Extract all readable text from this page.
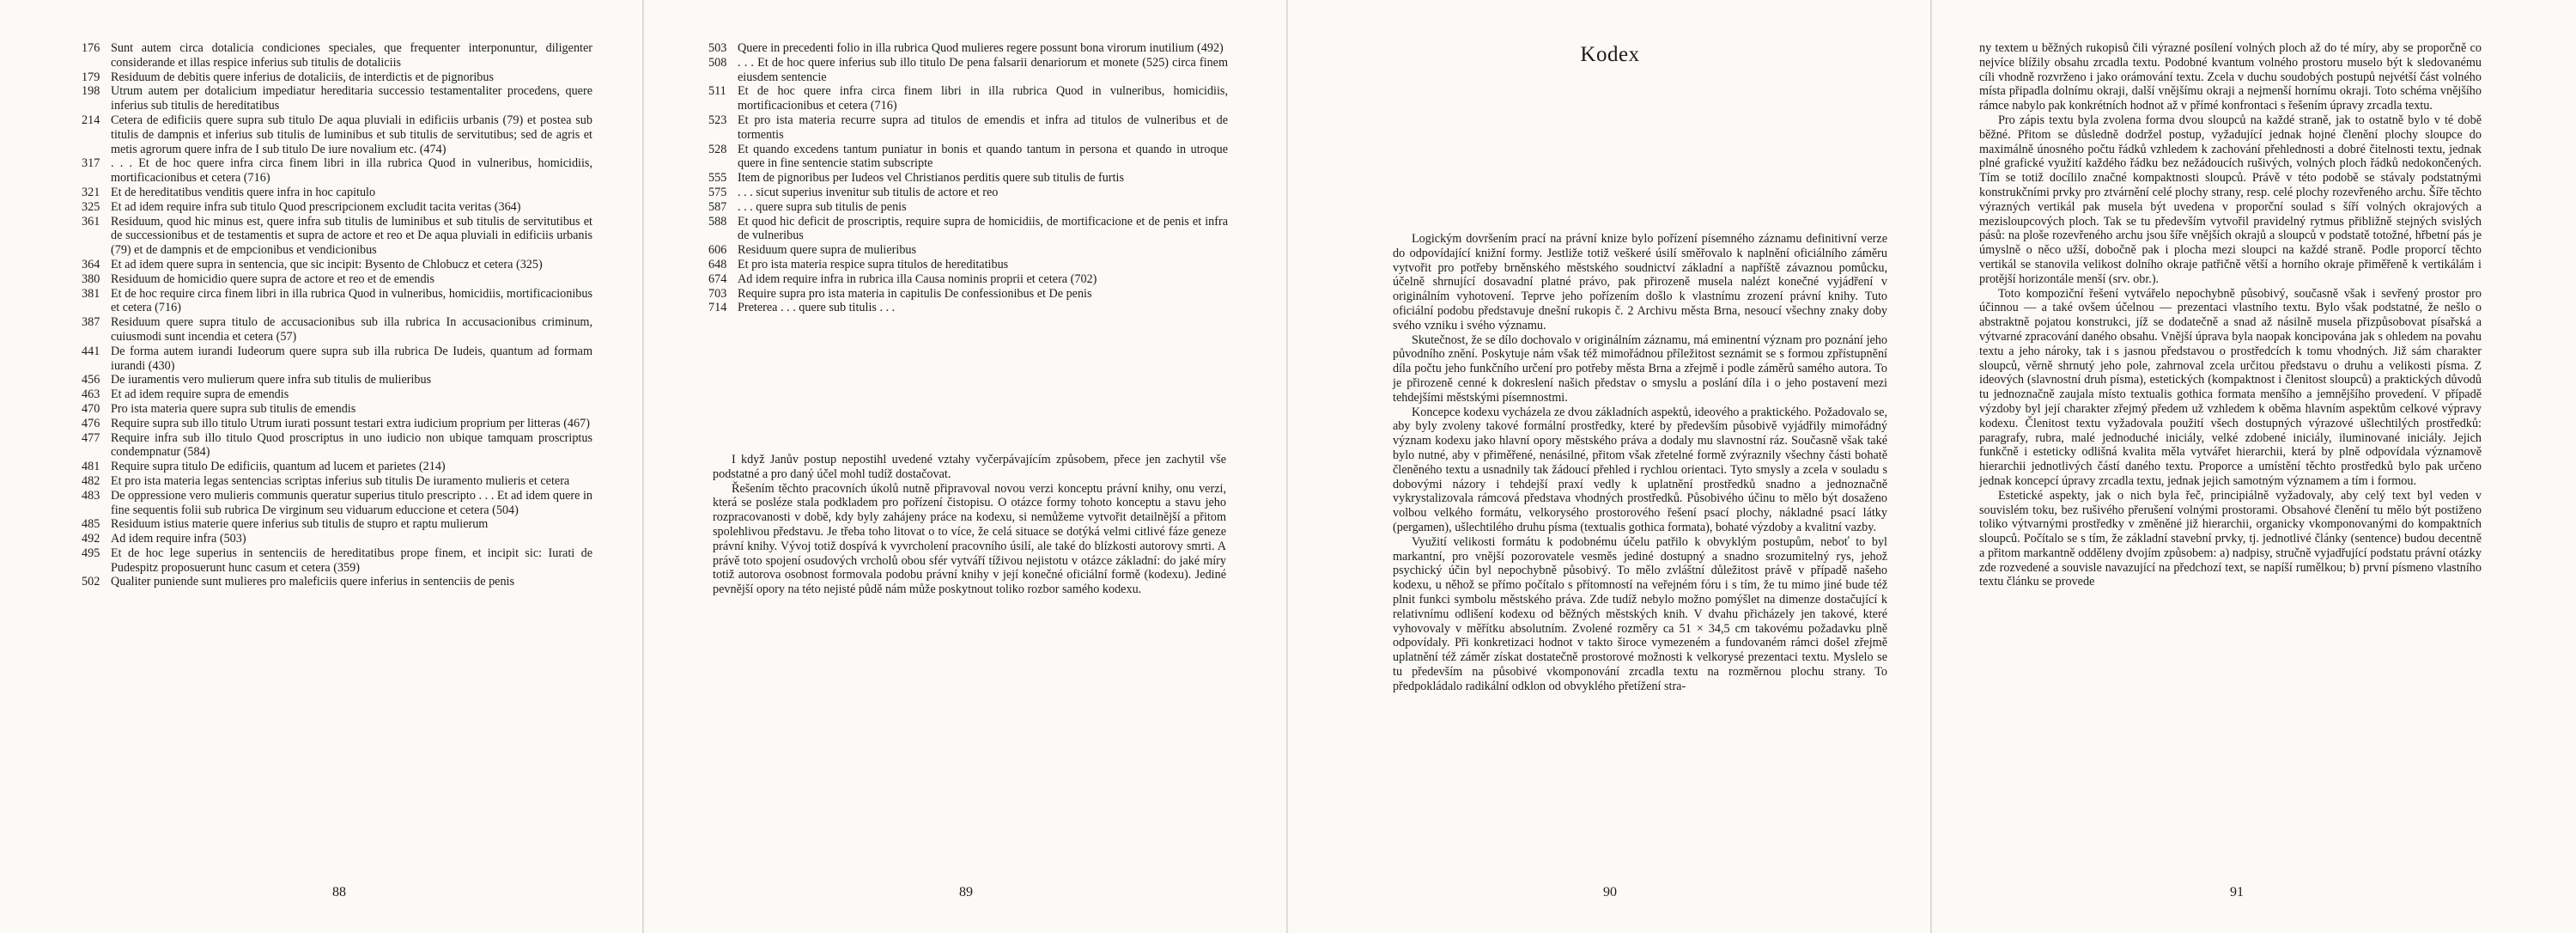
176 Sunt autem circa dotalicia condiciones speciales, que frequenter interponuntur, diligenter considerande et illas respice inferius sub titulis de dotaliciis
179 Residuum de debitis quere inferius de dotaliciis, de interdictis et de pignoribus
198 Utrum autem per dotalicium impediatur hereditaria successio testamentaliter procedens, quere inferius sub titulis de hereditatibus
214 Cetera de edificiis quere supra sub titulo De aqua pluviali in edificiis urbanis (79) et postea sub titulis de dampnis et inferius sub titulis de luminibus et sub titulis de servitutibus; sed de agris et metis agrorum quere infra de I sub titulo De iure novalium etc. (474)
317 . . . Et de hoc quere infra circa finem libri in illa rubrica Quod in vulneribus, homicidiis, mortificacionibus et cetera (716)
321 Et de hereditatibus venditis quere infra in hoc capitulo
325 Et ad idem require infra sub titulo Quod prescripcionem excludit tacita veritas (364)
361 Residuum, quod hic minus est, quere infra sub titulis de luminibus et sub titulis de servitutibus et de successionibus et de testamentis et supra de actore et reo et De aqua pluviali in edificiis urbanis (79) et de dampnis et de empcionibus et vendicionibus
364 Et ad idem quere supra in sentencia, que sic incipit: Bysento de Chlobucz et cetera (325)
380 Residuum de homicidio quere supra de actore et reo et de emendis
381 Et de hoc require circa finem libri in illa rubrica Quod in vulneribus, homicidiis, mortificacionibus et cetera (716)
387 Residuum quere supra titulo de accusacionibus sub illa rubrica In accusacionibus criminum, cuiusmodi sunt incendia et cetera (57)
441 De forma autem iurandi Iudeorum quere supra sub illa rubrica De Iudeis, quantum ad formam iurandi (430)
456 De iuramentis vero mulierum quere infra sub titulis de mulieribus
463 Et ad idem require supra de emendis
470 Pro ista materia quere supra sub titulis de emendis
476 Require supra sub illo titulo Utrum iurati possunt testari extra iudicium proprium per litteras (467)
477 Require infra sub illo titulo Quod proscriptus in uno iudicio non ubique tamquam proscriptus condempnatur (584)
481 Require supra titulo De edificiis, quantum ad lucem et parietes (214)
482 Et pro ista materia legas sentencias scriptas inferius sub titulis De iuramento mulieris et cetera
483 De oppressione vero mulieris communis queratur superius titulo prescripto . . . Et ad idem quere in fine sequentis folii sub rubrica De virginum seu viduarum educcione et cetera (504)
485 Residuum istius materie quere inferius sub titulis de stupro et raptu mulierum
492 Ad idem require infra (503)
495 Et de hoc lege superius in sentenciis de hereditatibus prope finem, et incipit sic: Iurati de Pudespitz proposuerunt hunc casum et cetera (359)
502 Qualiter puniende sunt mulieres pro maleficiis quere inferius in sentenciis de penis
88
503 Quere in precedenti folio in illa rubrica Quod mulieres regere possunt bona virorum inutilium (492)
508 . . . Et de hoc quere inferius sub illo titulo De pena falsarii denariorum et monete (525) circa finem eiusdem sentencie
511 Et de hoc quere infra circa finem libri in illa rubrica Quod in vulneribus, homicidiis, mortificacionibus et cetera (716)
523 Et pro ista materia recurre supra ad titulos de emendis et infra ad titulos de vulneribus et de tormentis
528 Et quando excedens tantum puniatur in bonis et quando tantum in persona et quando in utroque quere in fine sentencie statim subscripte
555 Item de pignoribus per Iudeos vel Christianos perditis quere sub titulis de furtis
575 . . . sicut superius invenitur sub titulis de actore et reo
587 . . . quere supra sub titulis de penis
588 Et quod hic deficit de proscriptis, require supra de homicidiis, de mortificacione et de penis et infra de vulneribus
606 Residuum quere supra de mulieribus
648 Et pro ista materia respice supra titulos de hereditatibus
674 Ad idem require infra in rubrica illa Causa nominis proprii et cetera (702)
703 Require supra pro ista materia in capitulis De confessionibus et De penis
714 Preterea . . . quere sub titulis . . .

I když Janův postup nepostihl uvedené vztahy vyčerpávajícím způsobem, přece jen zachytil vše podstatné a pro daný účel mohl tudíž dostačovat.

Řešením těchto pracovních úkolů nutně připravoval novou verzi konceptu právní knihy, onu verzi, která se posléze stala podkladem pro pořízení čistopisu. O otázce formy tohoto konceptu a stavu jeho rozpracovanosti v době, kdy byly zahájeny práce na kodexu, si nemůžeme vytvořit detailnější a přitom spolehlivou představu. Je třeba toho litovat o to více, že celá situace se dotýká velmi citlivé fáze geneze právní knihy. Vývoj totiž dospívá k vyvrcholení pracovního úsilí, ale také do blízkosti autorovy smrti. A právě toto spojení osudových vrcholů obou sfér vytváří tíživou nejistotu v otázce základní: do jaké míry totiž autorova osobnost formovala podobu právní knihy v její konečné oficiální formě (kodexu). Jediné pevnější opory na této nejisté půdě nám může poskytnout toliko rozbor samého kodexu.

89
Kodex

Logickým dovršením prací na právní knize bylo pořízení písemného záznamu definitivní verze do odpovídající knižní formy. Jestliže totiž veškeré úsilí směřovalo k naplnění oficiálního záměru vytvořit pro potřeby brněnského městského soudnictví základní a napříště závaznou pomůcku, účelně shrnující dosavadní platné právo, pak přirozeně musela nalézt konečné vyjádření v originálním vyhotovení. Teprve jeho pořízením došlo k vlastnímu zrození právní knihy. Tuto oficiální podobu představuje dnešní rukopis č. 2 Archivu města Brna, nesoucí všechny znaky doby svého vzniku i svého významu.

Skutečnost, že se dílo dochovalo v originálním záznamu, má eminentní význam pro poznání jeho původního znění. Poskytuje nám však též mimořádnou příležitost seznámit se s formou zpřístupnění díla počtu jeho funkčního určení pro potřeby města Brna a zřejmě i podle záměrů samého autora. To je přirozeně cenné k dokreslení našich představ o smyslu a poslání díla i o jeho postavení mezi tehdejšími městskými písemnostmi.

Koncepce kodexu vycházela ze dvou základních aspektů, ideového a praktického. Požadovalo se, aby byly zvoleny takové formální prostředky, které by především působivě vyjádřily mimořádný význam kodexu jako hlavní opory městského práva a dodaly mu slavnostní ráz. Současně však také bylo nutné, aby v přiměřené, nenásilné, přitom však zřetelné formě zvýraznily všechny části bohatě členěného textu a usnadnily tak žádoucí přehled i rychlou orientaci. Tyto smysly a zcela v souladu s dobovými názory i tehdejší praxí vedly k uplatnění prostředků snadno a jednoznačně vykrystalizovala rámcová představa vhodných prostředků. Působivého účinu to mělo být dosaženo volbou velkého formátu, velkorysého prostorového řešení psací plochy, nákladné psací látky (pergamen), ušlechtilého druhu písma (textualis gothica formata), bohaté výzdoby a kvalitní vazby.

Využití velikosti formátu k podobnému účelu patřilo k obvyklým postupům, neboť to byl markantní, pro vnější pozorovatele vesměs jediné dostupný a snadno srozumitelný rys, jehož psychický účin byl nepochybně působivý. To mělo zvláštní důležitost právě v případě našeho kodexu, u něhož se přímo počítalo s přítomností na veřejném fóru i s tím, že tu mimo jiné bude též plnit funkci symbolu městského práva. Zde tudíž nebylo možno pomýšlet na dimenze dostačující k relativnímu odlišení kodexu od běžných městských knih. V dvahu přicházely jen takové, které vyhovovaly v měřítku absolutním. Zvolené rozměry ca 51 × 34,5 cm takovému požadavku plně odpovídaly. Při konkretizaci hodnot v takto široce vymezeném a fundovaném rámci došel zřejmě uplatnění též záměr získat dostatečně prostorové možnosti k velkorysé prezentaci textu. Myslelo se tu především na působivé vkomponování zrcadla textu na rozměrnou plochu strany. To předpokládalo radikální odklon od obvyklého přetížení stra-

90

ny textem u běžných rukopisů čili výrazné posílení volných ploch až do té míry, aby se proporčně co nejvíce blížily obsahu zrcadla textu. Podobné kvantum volného prostoru muselo být k sledovanému cíli vhodně rozvrženo i jako orámování textu. Zcela v duchu soudobých postupů nejvétší část volného místa připadla dolnímu okraji, další vnějšímu okraji a nejmenší hornímu okraji. Toto schéma vnějšího rámce nabylo pak konkrétních hodnot až v přímé konfrontaci s řešením úpravy zrcadla textu.

Pro zápis textu byla zvolena forma dvou sloupců na každé straně, jak to ostatně bylo v té době běžné. Přitom se důsledně dodržel postup, vyžadující jednak hojné členění plochy sloupce do maximálně únosného počtu řádků vzhledem k zachování přehlednosti a dobré čitelnosti textu, jednak plné grafické využití každého řádku bez nežádoucích rušivých, volných ploch řádků nedokončených. Tím se totiž docílilo značné kompaktnosti sloupců. Právě v této podobě se stávaly podstatnými konstrukčními prvky pro ztvárnění celé plochy strany, resp. celé plochy rozevřeného archu. Šíře těchto výrazných vertikál pak musela být uvedena v proporční soulad s šíří volných okrajových a mezisloupcových ploch. Tak se tu především vytvořil pravidelný rytmus přibližně stejných svislých pásů: na ploše rozevřeného archu jsou šíře vnějších okrajů a sloupců v podstatě totožné, hřbetní pás je úmyslně o něco užší, dobočně pak i plocha mezi sloupci na každé straně. Podle proporcí těchto vertikál se stanovila velikost dolního okraje patřičně větší a horního okraje přiměřeně k vertikálám i protější horizontále menší (srv. obr.).

Toto kompoziční řešení vytvářelo nepochybně působivý, současně však i sevřený prostor pro účinnou — a také ovšem účelnou — prezentaci vlastního textu. Bylo však podstatné, že nešlo o abstraktně pojatou konstrukci, jíž se dodatečně a snad až násilně musela přizpůsobovat písařská a výtvarné zpracování daného obsahu. Vnější úprava byla naopak koncipována jak s ohledem na povahu textu a jeho nároky, tak i s jasnou představou o prostředcích k tomu vhodných. Již sám charakter sloupců, věrně shrnutý jeho pole, zahrnoval zcela určitou představu o druhu a velikosti písma. Z ideových (slavnostní druh písma), estetických (kompaktnost i členitost sloupců) a praktických důvodů tu jednoznačně zaujala místo textualis gothica formata menšího a jemnějšího provedení. V případě výzdoby byl její charakter zřejmý předem už vzhledem k oběma hlavním aspektům celkové výpravy kodexu. Členitost textu vyžadovala použití všech dostupných výrazové ušlechtilých prostředků: paragrafy, rubra, malé jednoduché iniciály, velké zdobené iniciály, iluminované iniciály. Jejich funkčně i esteticky odlišná kvalita měla vytvářet hierarchii, která by plně odpovídala významově hierarchii jednotlivých částí daného textu. Proporce a umístění těchto prostředků bylo pak určeno jednak koncepcí úpravy zrcadla textu, jednak jejich samotným významem a tím i formou.

Estetické aspekty, jak o nich byla řeč, principiálně vyžadovaly, aby celý text byl veden v souvislém toku, bez rušivého přerušení volnými prostorami. Obsahové členění tu mělo být postiženo toliko výtvarnými prostředky v změněné již hierarchii, organicky vkomponovanými do kompaktních sloupců. Počítalo se s tím, že základní stavební prvky, tj. jednotlivé články (sentence) budou decentně a přitom markantně odděleny dvojím způsobem: a) nadpisy, stručně vyjadřující podstatu právní otázky zde rozvedené a souvisle navazující na předchozí text, se napíší rumělkou; b) první písmeno vlastního textu článku se provede

91
